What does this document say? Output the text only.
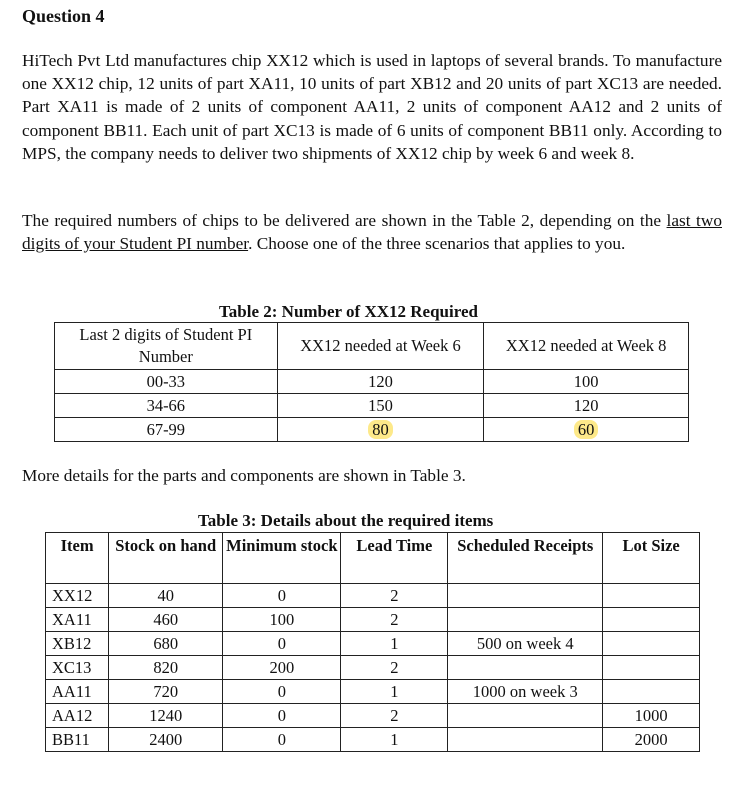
Question 4

HiTech Pvt Ltd manufactures chip XX12 which is used in laptops of several brands. To manufacture one XX12 chip, 12 units of part XA11, 10 units of part XB12 and 20 units of part XC13 are needed. Part XA11 is made of 2 units of component AA11, 2 units of component AA12 and 2 units of component BB11. Each unit of part XC13 is made of 6 units of component BB11 only. According to MPS, the company needs to deliver two shipments of XX12 chip by week 6 and week 8.

The required numbers of chips to be delivered are shown in the Table 2, depending on the last two digits of your Student PI number. Choose one of the three scenarios that applies to you.

Table 2: Number of XX12 Required
Last 2 digits of Student PI Number	XX12 needed at Week 6	XX12 needed at Week 8
00-33	120	100
34-66	150	120
67-99	80	60

More details for the parts and components are shown in Table 3.

Table 3: Details about the required items
Item	Stock on hand	Minimum stock	Lead Time	Scheduled Receipts	Lot Size
XX12	40	0	2		
XA11	460	100	2		
XB12	680	0	1	500 on week 4	
XC13	820	200	2		
AA11	720	0	1	1000 on week 3	
AA12	1240	0	2		1000
BB11	2400	0	1		2000
